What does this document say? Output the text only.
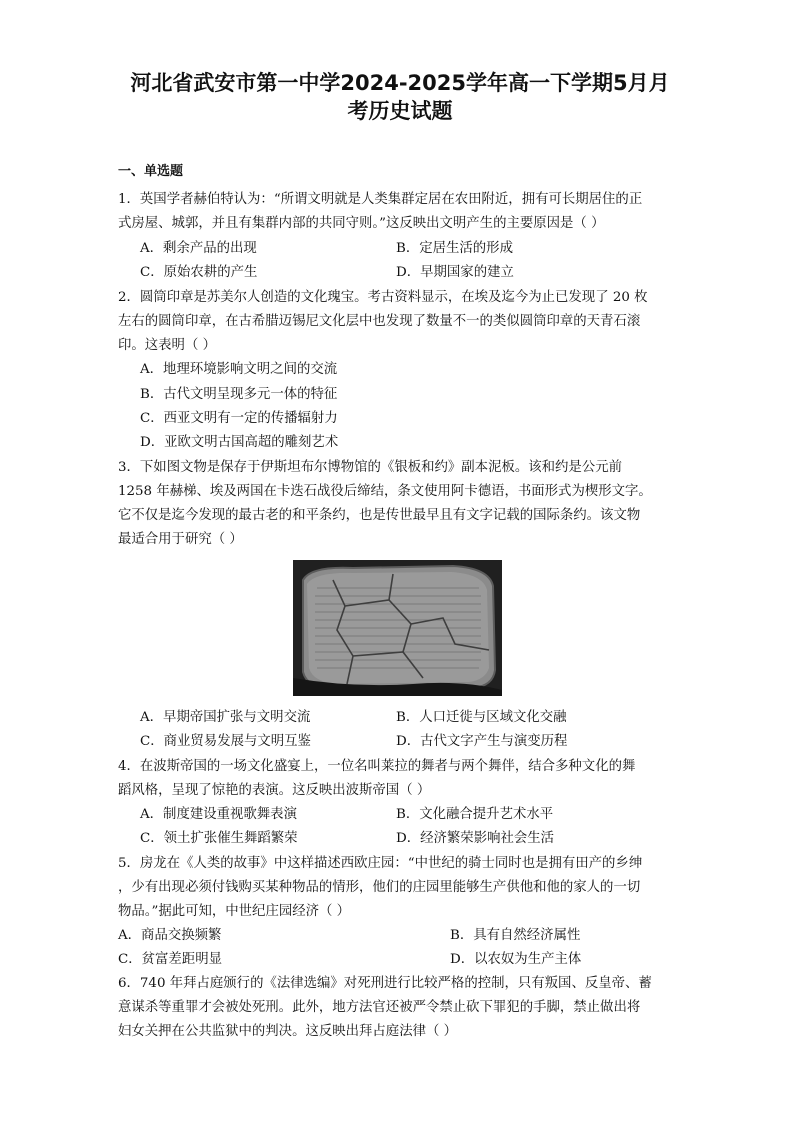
河北省武安市第一中学2024-2025学年高一下学期5月月
考历史试题
一、单选题
1．英国学者赫伯特认为：“所谓文明就是人类集群定居在农田附近，拥有可长期居住的正
式房屋、城郭，并且有集群内部的共同守则。”这反映出文明产生的主要原因是（ ）
A．剩余产品的出现	B．定居生活的形成
C．原始农耕的产生	D．早期国家的建立
2．圆筒印章是苏美尔人创造的文化瑰宝。考古资料显示，在埃及迄今为止已发现了 20 枚
左右的圆筒印章，在古希腊迈锡尼文化层中也发现了数量不一的类似圆筒印章的天青石滚
印。这表明（ ）
A．地理环境影响文明之间的交流
B．古代文明呈现多元一体的特征
C．西亚文明有一定的传播辐射力
D．亚欧文明古国高超的雕刻艺术
3．下如图文物是保存于伊斯坦布尔博物馆的《银板和约》副本泥板。该和约是公元前
1258 年赫梯、埃及两国在卡迭石战役后缔结，条文使用阿卡德语，书面形式为楔形文字。
它不仅是迄今发现的最古老的和平条约，也是传世最早且有文字记载的国际条约。该文物
最适合用于研究（ ）
A．早期帝国扩张与文明交流	B．人口迁徙与区域文化交融
C．商业贸易发展与文明互鉴	D．古代文字产生与演变历程
4．在波斯帝国的一场文化盛宴上，一位名叫莱拉的舞者与两个舞伴，结合多种文化的舞
蹈风格，呈现了惊艳的表演。这反映出波斯帝国（ ）
A．制度建设重视歌舞表演	B．文化融合提升艺术水平
C．领土扩张催生舞蹈繁荣	D．经济繁荣影响社会生活
5．房龙在《人类的故事》中这样描述西欧庄园：“中世纪的骑士同时也是拥有田产的乡绅
，少有出现必须付钱购买某种物品的情形，他们的庄园里能够生产供他和他的家人的一切
物品。”据此可知，中世纪庄园经济（ ）
A．商品交换频繁	B．具有自然经济属性
C．贫富差距明显	D．以农奴为生产主体
6．740 年拜占庭颁行的《法律选编》对死刑进行比较严格的控制，只有叛国、反皇帝、蓄
意谋杀等重罪才会被处死刑。此外，地方法官还被严令禁止砍下罪犯的手脚，禁止做出将
妇女关押在公共监狱中的判决。这反映出拜占庭法律（ ）
